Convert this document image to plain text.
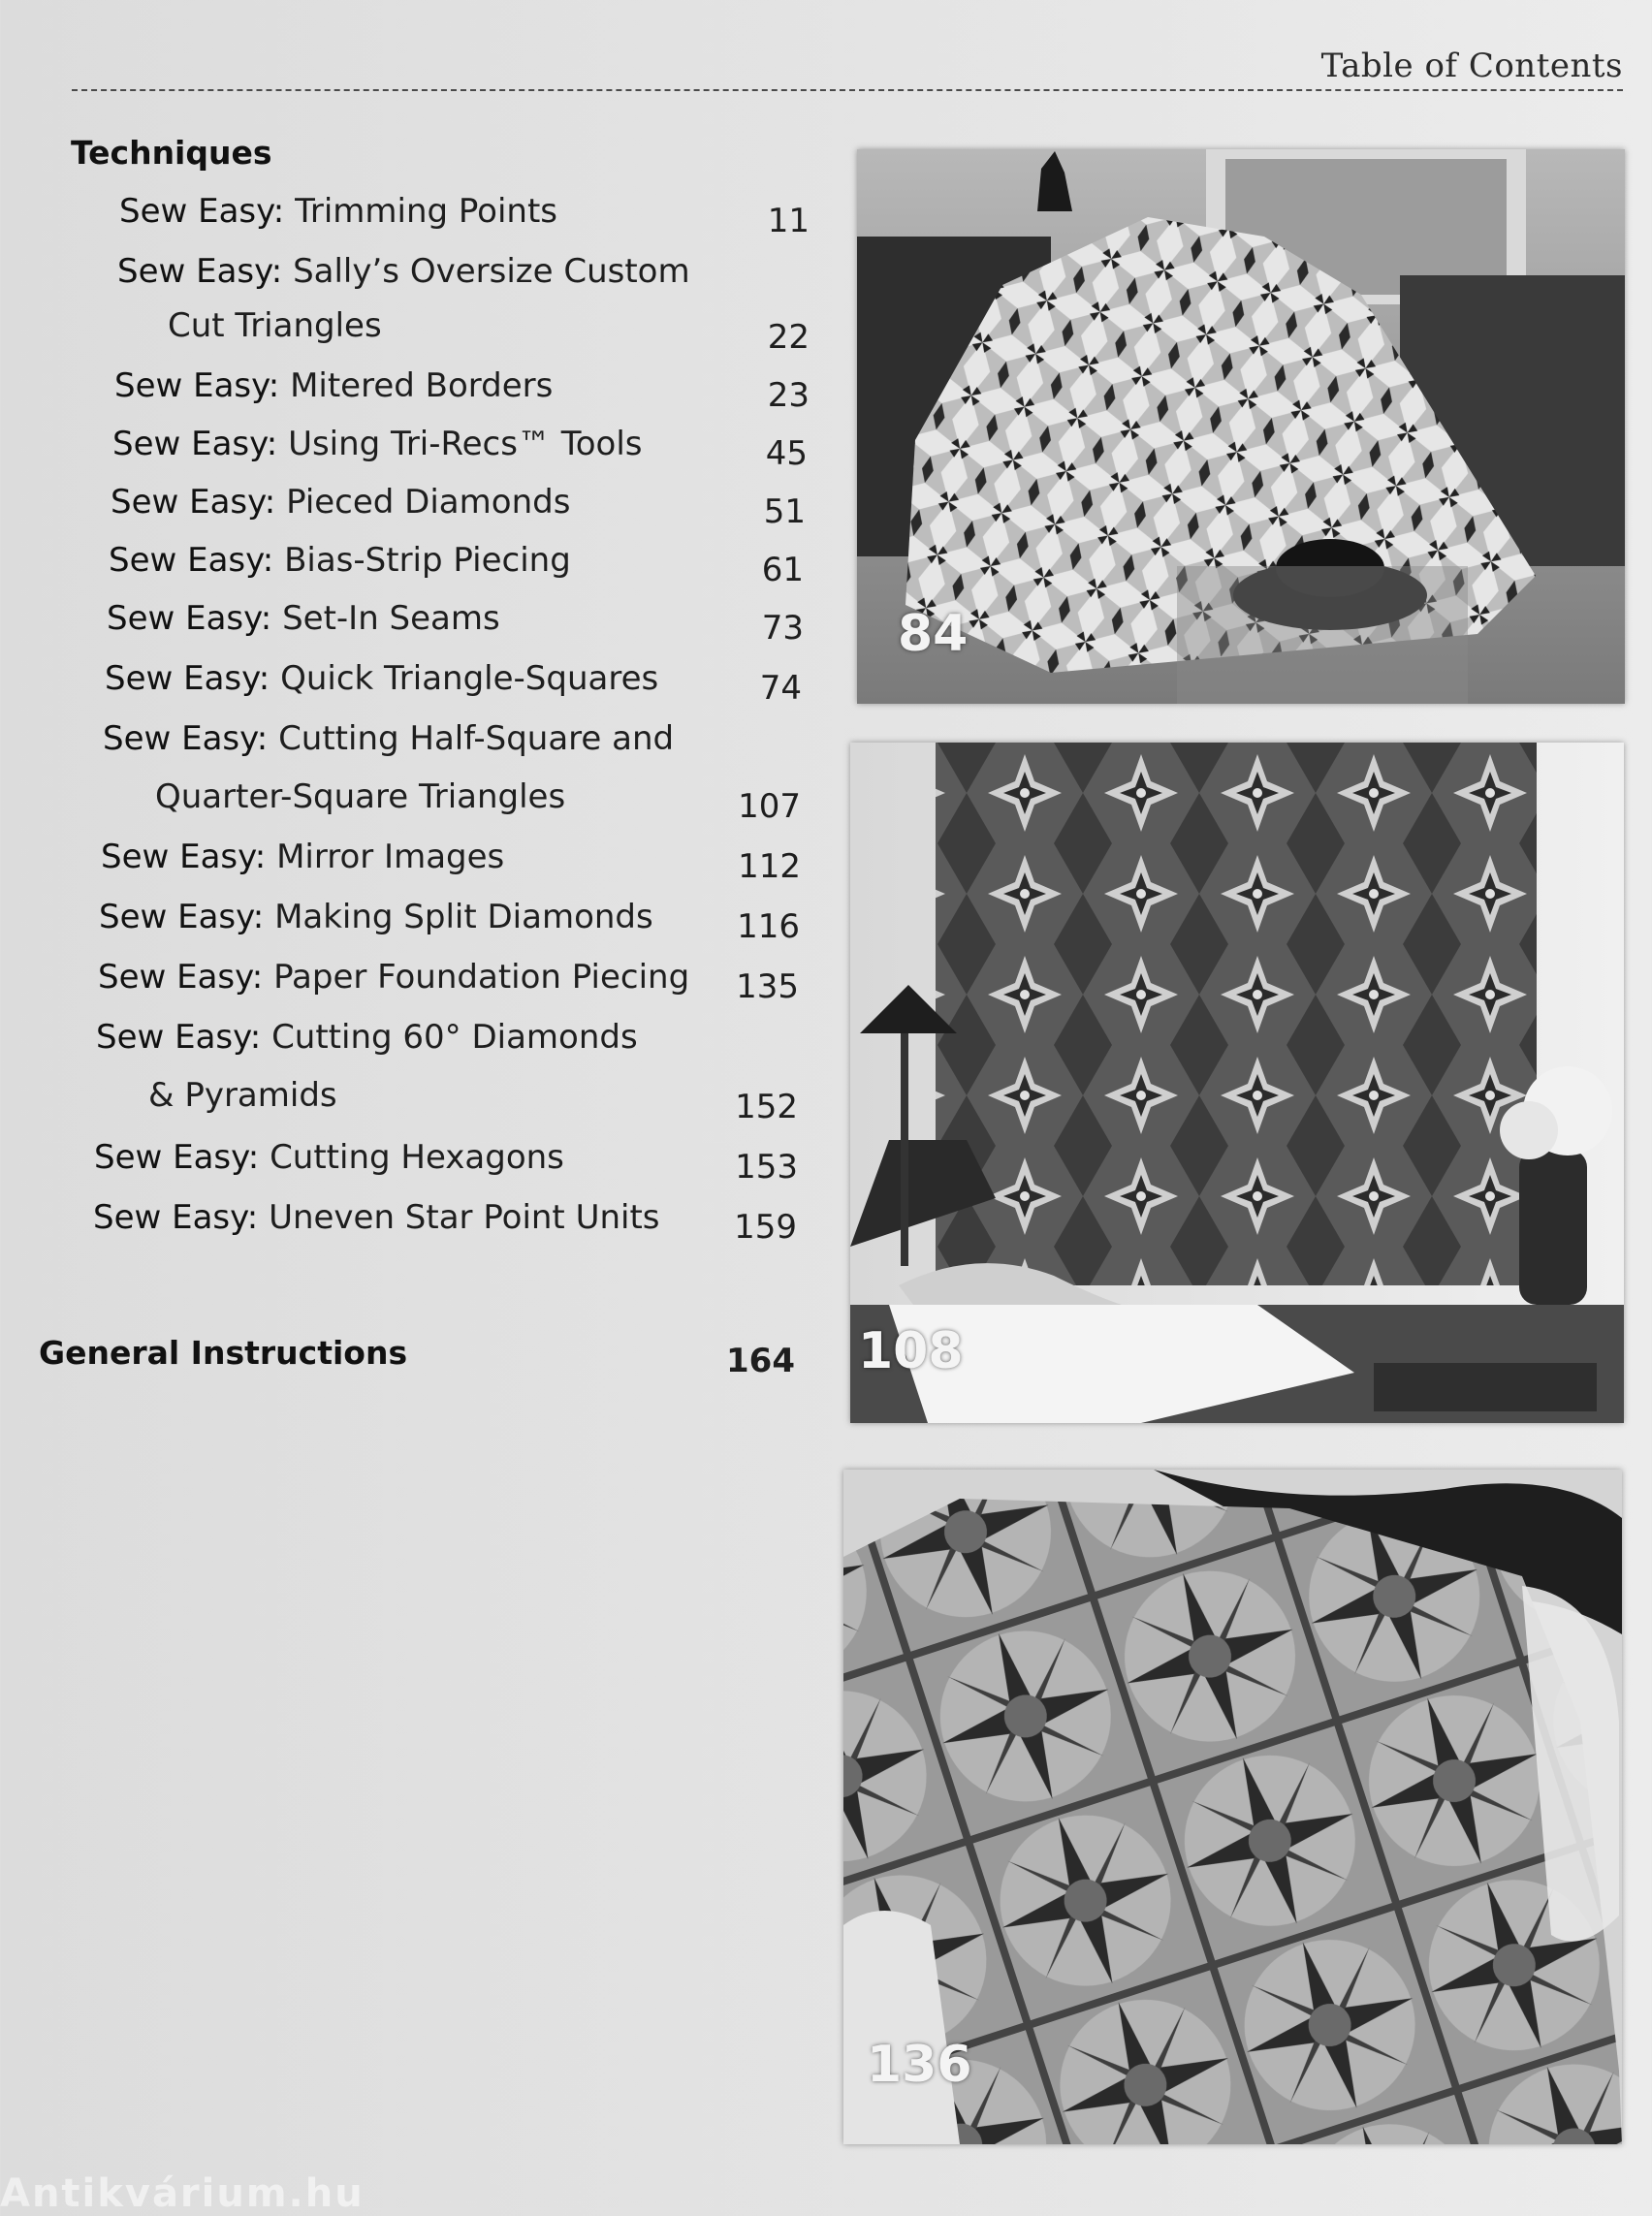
Table of Contents
Techniques
Sew Easy: Trimming Points	11
Sew Easy: Sally’s Oversize Custom
Cut Triangles	22
Sew Easy: Mitered Borders	23
Sew Easy: Using Tri-Recs™ Tools	45
Sew Easy: Pieced Diamonds	51
Sew Easy: Bias-Strip Piecing	61
Sew Easy: Set-In Seams	73
Sew Easy: Quick Triangle-Squares	74
Sew Easy: Cutting Half-Square and
Quarter-Square Triangles	107
Sew Easy: Mirror Images	112
Sew Easy: Making Split Diamonds	116
Sew Easy: Paper Foundation Piecing	135
Sew Easy: Cutting 60° Diamonds
& Pyramids	152
Sew Easy: Cutting Hexagons	153
Sew Easy: Uneven Star Point Units	159
General Instructions	164
84
108
136
Antikvárium.hu
